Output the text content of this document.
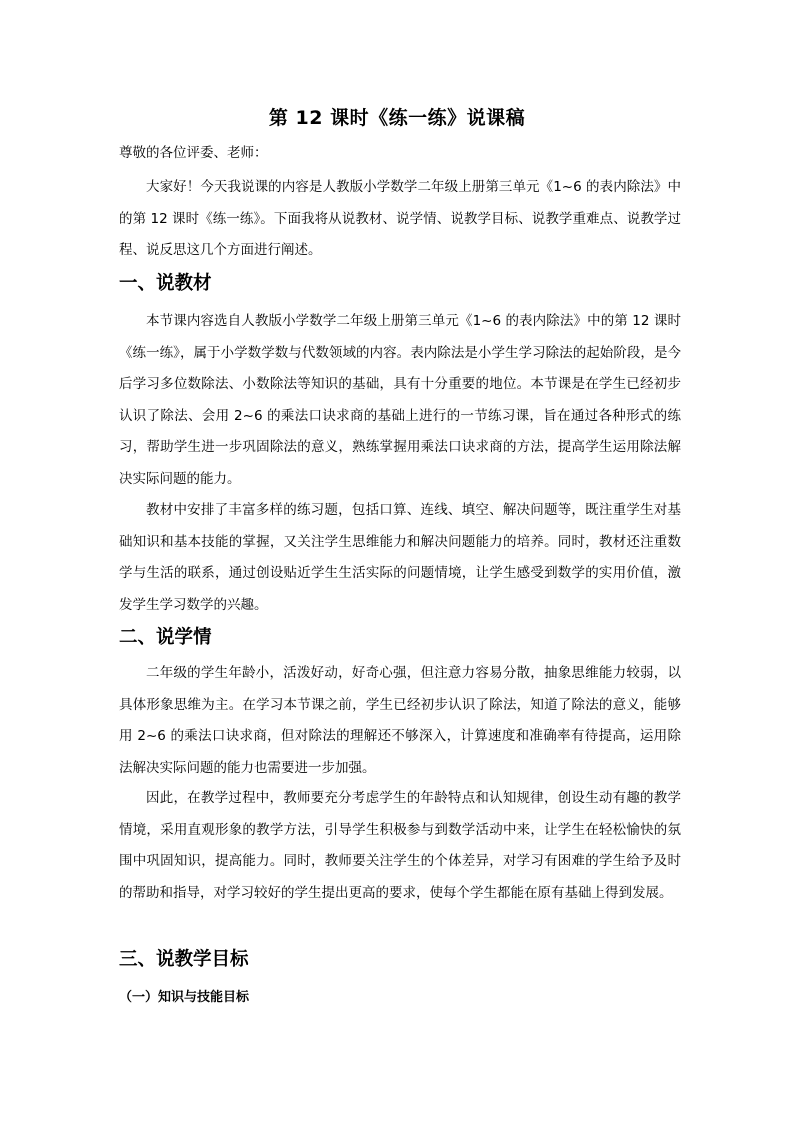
第 12 课时《练一练》说课稿
尊敬的各位评委、老师：

大家好！今天我说课的内容是人教版小学数学二年级上册第三单元《1~6 的表内除法》中的第 12 课时《练一练》。下面我将从说教材、说学情、说教学目标、说教学重难点、说教学过程、说反思这几个方面进行阐述。

一、说教材

本节课内容选自人教版小学数学二年级上册第三单元《1~6 的表内除法》中的第 12 课时《练一练》，属于小学数学数与代数领域的内容。表内除法是小学生学习除法的起始阶段，是今后学习多位数除法、小数除法等知识的基础，具有十分重要的地位。本节课是在学生已经初步认识了除法、会用 2~6 的乘法口诀求商的基础上进行的一节练习课，旨在通过各种形式的练习，帮助学生进一步巩固除法的意义，熟练掌握用乘法口诀求商的方法，提高学生运用除法解决实际问题的能力。

教材中安排了丰富多样的练习题，包括口算、连线、填空、解决问题等，既注重学生对基础知识和基本技能的掌握，又关注学生思维能力和解决问题能力的培养。同时，教材还注重数学与生活的联系，通过创设贴近学生生活实际的问题情境，让学生感受到数学的实用价值，激发学生学习数学的兴趣。

二、说学情

二年级的学生年龄小，活泼好动，好奇心强，但注意力容易分散，抽象思维能力较弱，以具体形象思维为主。在学习本节课之前，学生已经初步认识了除法，知道了除法的意义，能够用 2~6 的乘法口诀求商，但对除法的理解还不够深入，计算速度和准确率有待提高，运用除法解决实际问题的能力也需要进一步加强。

因此，在教学过程中，教师要充分考虑学生的年龄特点和认知规律，创设生动有趣的教学情境，采用直观形象的教学方法，引导学生积极参与到数学活动中来，让学生在轻松愉快的氛围中巩固知识，提高能力。同时，教师要关注学生的个体差异，对学习有困难的学生给予及时的帮助和指导，对学习较好的学生提出更高的要求，使每个学生都能在原有基础上得到发展。

三、说教学目标
（一）知识与技能目标
